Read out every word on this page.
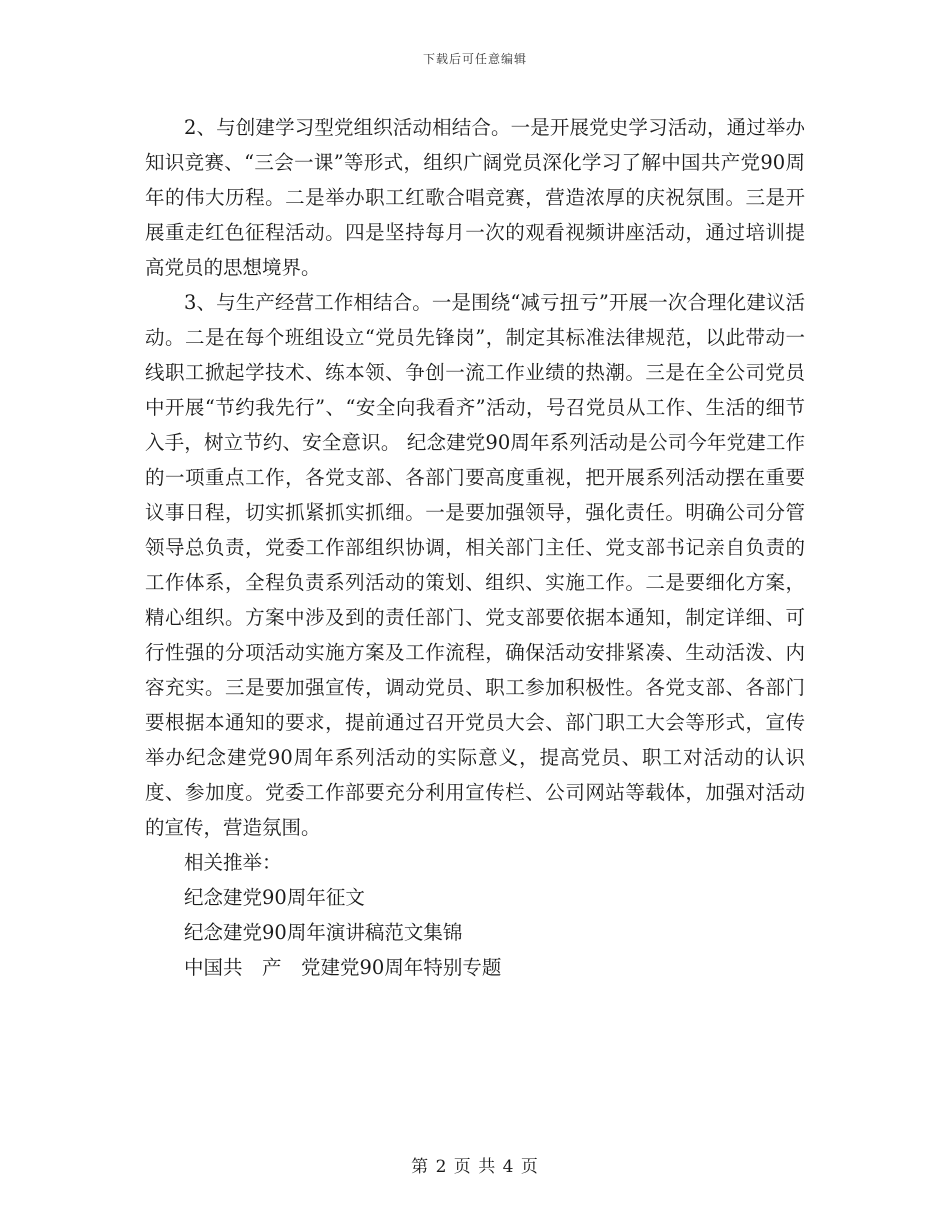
下载后可任意编辑

2、与创建学习型党组织活动相结合。一是开展党史学习活动，通过举办知识竞赛、“三会一课”等形式，组织广阔党员深化学习了解中国共产党90周年的伟大历程。二是举办职工红歌合唱竞赛，营造浓厚的庆祝氛围。三是开展重走红色征程活动。四是坚持每月一次的观看视频讲座活动，通过培训提高党员的思想境界。

3、与生产经营工作相结合。一是围绕“减亏扭亏”开展一次合理化建议活动。二是在每个班组设立“党员先锋岗”，制定其标准法律规范，以此带动一线职工掀起学技术、练本领、争创一流工作业绩的热潮。三是在全公司党员中开展“节约我先行”、“安全向我看齐”活动，号召党员从工作、生活的细节入手，树立节约、安全意识。 纪念建党90周年系列活动是公司今年党建工作的一项重点工作，各党支部、各部门要高度重视，把开展系列活动摆在重要议事日程，切实抓紧抓实抓细。一是要加强领导，强化责任。明确公司分管领导总负责，党委工作部组织协调，相关部门主任、党支部书记亲自负责的工作体系，全程负责系列活动的策划、组织、实施工作。二是要细化方案，精心组织。方案中涉及到的责任部门、党支部要依据本通知，制定详细、可行性强的分项活动实施方案及工作流程，确保活动安排紧凑、生动活泼、内容充实。三是要加强宣传，调动党员、职工参加积极性。各党支部、各部门要根据本通知的要求，提前通过召开党员大会、部门职工大会等形式，宣传举办纪念建党90周年系列活动的实际意义，提高党员、职工对活动的认识度、参加度。党委工作部要充分利用宣传栏、公司网站等载体，加强对活动的宣传，营造氛围。

相关推举：

纪念建党90周年征文

纪念建党90周年演讲稿范文集锦

中国共　产　党建党90周年特别专题

第 2 页 共 4 页
